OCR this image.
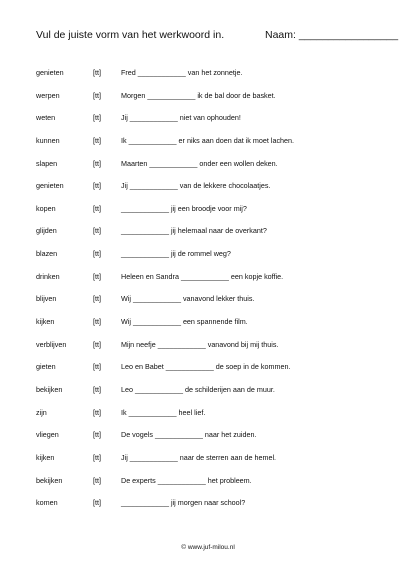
Vul de juiste vorm van het werkwoord in.	Naam: _________________
genieten	[tt]	Fred ____________ van het zonnetje.
werpen	[tt]	Morgen ____________ ik de bal door de basket.
weten	[tt]	Jij ____________ niet van ophouden!
kunnen	[tt]	Ik ____________ er niks aan doen dat ik moet lachen.
slapen	[tt]	Maarten ____________ onder een wollen deken.
genieten	[tt]	Jij ____________ van de lekkere chocolaatjes.
kopen	[tt]	____________ jij een broodje voor mij?
glijden	[tt]	____________ jij helemaal naar de overkant?
blazen	[tt]	____________ jij de rommel weg?
drinken	[tt]	Heleen en Sandra ____________ een kopje koffie.
blijven	[tt]	Wij ____________ vanavond lekker thuis.
kijken	[tt]	Wij ____________ een spannende film.
verblijven	[tt]	Mijn neefje ____________ vanavond bij mij thuis.
gieten	[tt]	Leo en Babet ____________ de soep in de kommen.
bekijken	[tt]	Leo ____________ de schilderijen aan de muur.
zijn	[tt]	Ik ____________ heel lief.
vliegen	[tt]	De vogels ____________ naar het zuiden.
kijken	[tt]	Jij ____________ naar de sterren aan de hemel.
bekijken	[tt]	De experts ____________ het probleem.
komen	[tt]	____________ jij morgen naar school?
© www.juf-milou.nl
